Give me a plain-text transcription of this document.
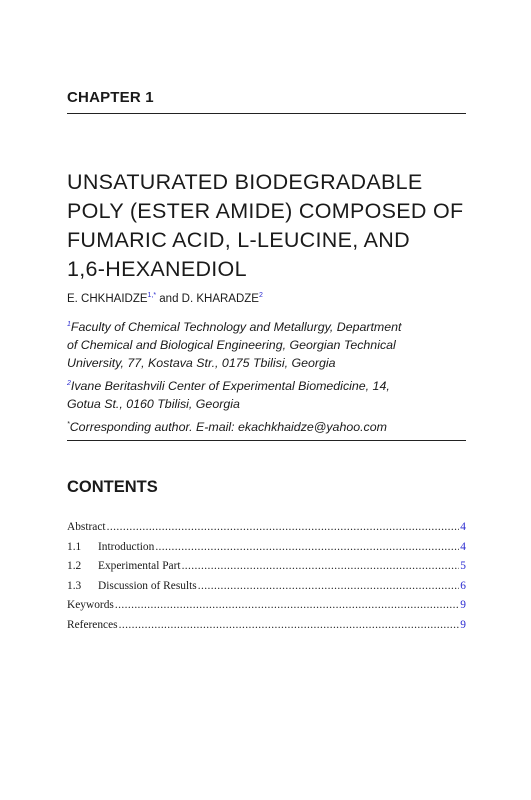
CHAPTER 1
UNSATURATED BIODEGRADABLE
POLY (ESTER AMIDE) COMPOSED OF
FUMARIC ACID, L-LEUCINE, AND
1,6-HEXANEDIOL
E. $CHKHAIDZE^{1,*}$ and D. KHARADZE$^2$
$^1$Faculty of Chemical Technology and Metallurgy, Department
of Chemical and Biological Engineering, Georgian Technical
University, 77, Kostava Str., 0175 Tbilisi, Georgia
$^2$Ivane Beritashvili Center of Experimental Biomedicine, 14,
Gotua St., 0160 Tbilisi, Georgia
*Corresponding author. E-mail: ekachkhaidze@yahoo.com
CONTENTS
Abstract .....	4
1.1	Introduction .....	4
1.2	Experimental Part .....	5
1.3	Discussion of Results .....	6
Keywords .....	9
References .....	9
